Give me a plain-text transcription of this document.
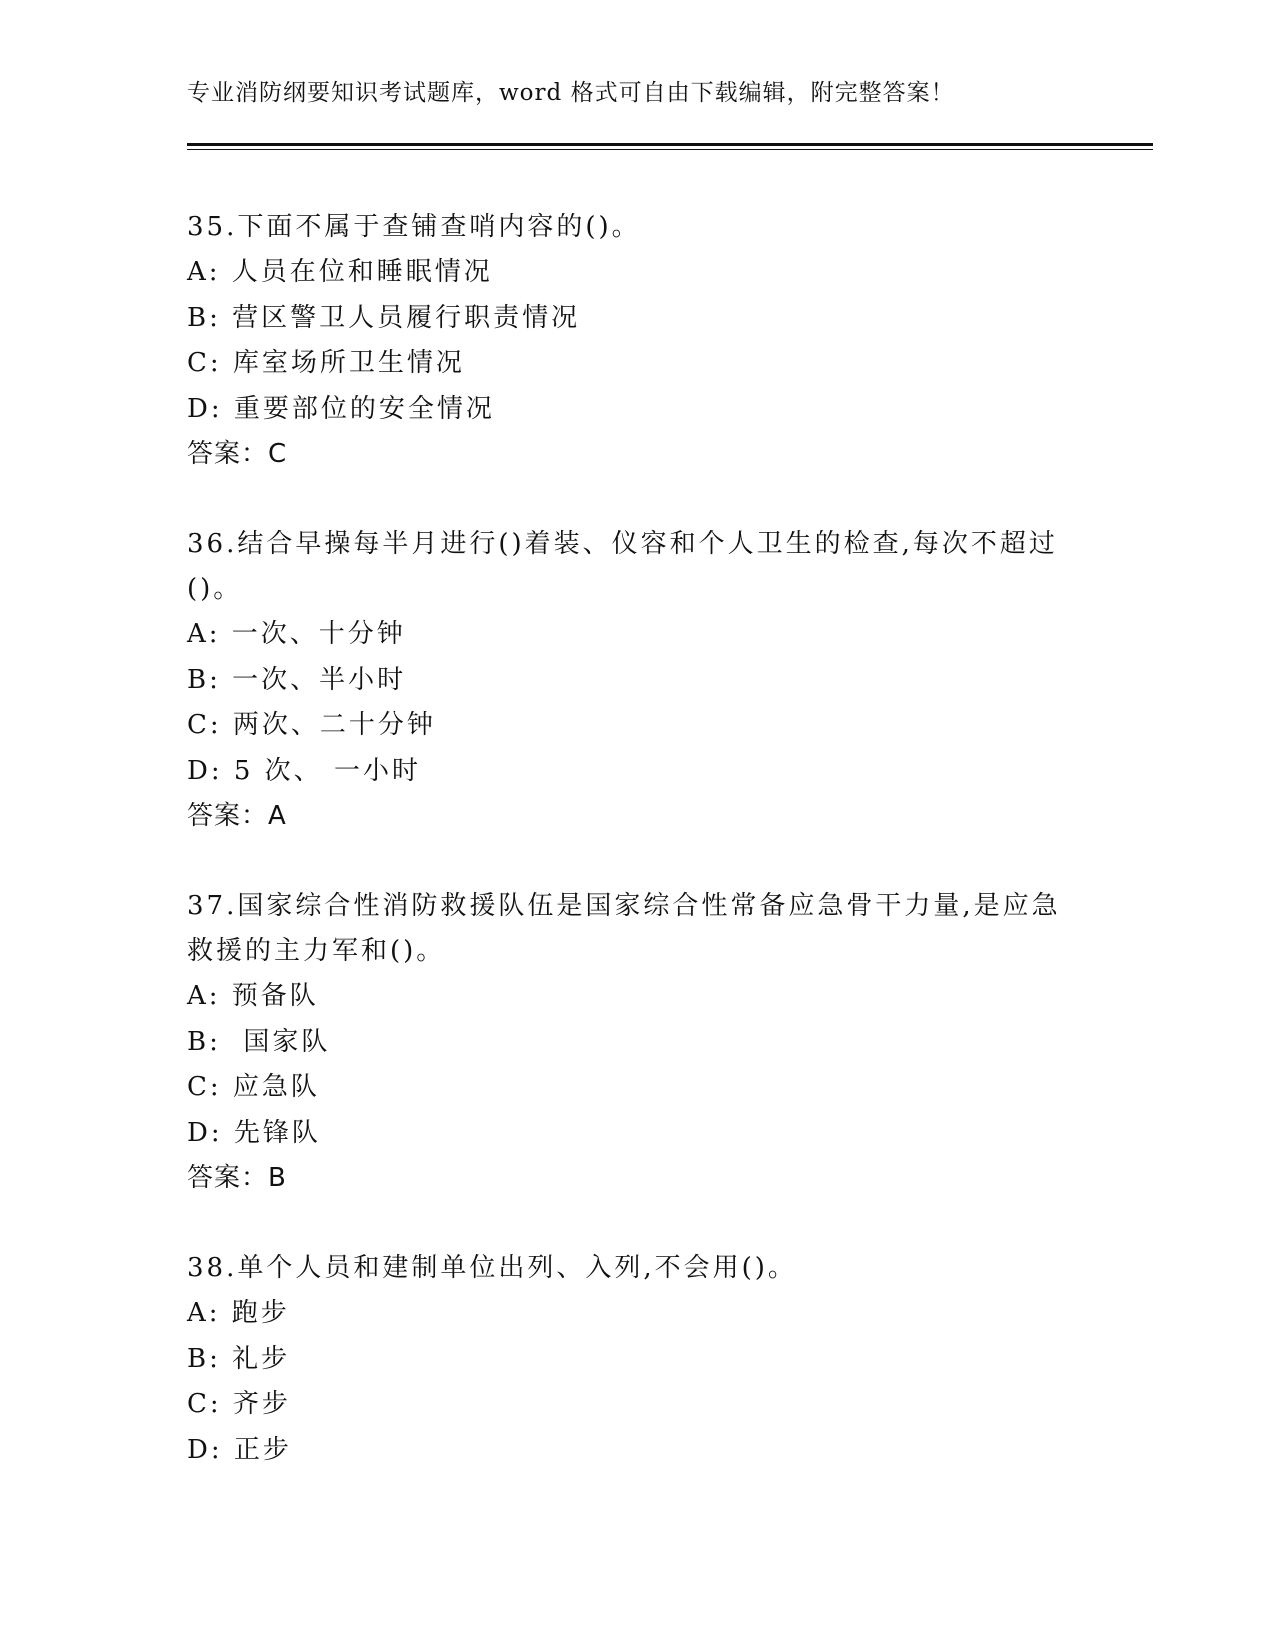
专业消防纲要知识考试题库，word 格式可自由下载编辑，附完整答案！

35.下面不属于查铺查哨内容的()。

A: 人员在位和睡眠情况

B: 营区警卫人员履行职责情况

C: 库室场所卫生情况

D: 重要部位的安全情况

答案：C

36.结合早操每半月进行()着装、仪容和个人卫生的检查,每次不超过()。

A: 一次、十分钟

B: 一次、半小时

C: 两次、二十分钟

D: 5 次、 一小时

答案：A

37.国家综合性消防救援队伍是国家综合性常备应急骨干力量,是应急救援的主力军和()。

A: 预备队

B:  国家队

C: 应急队

D: 先锋队

答案：B

38.单个人员和建制单位出列、入列,不会用()。

A: 跑步

B: 礼步

C: 齐步

D: 正步
